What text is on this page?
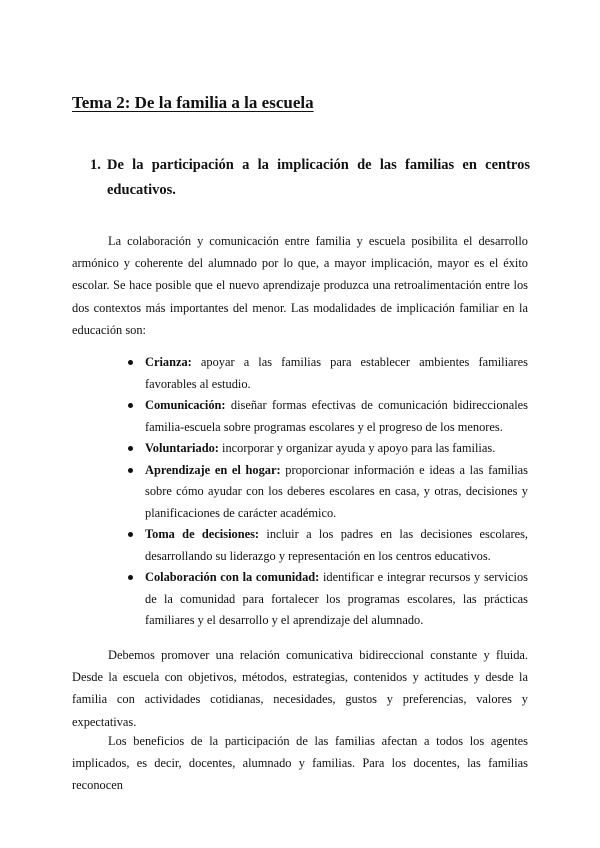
Tema 2: De la familia a la escuela
1. De la participación a la implicación de las familias en centros educativos.

La colaboración y comunicación entre familia y escuela posibilita el desarrollo armónico y coherente del alumnado por lo que, a mayor implicación, mayor es el éxito escolar. Se hace posible que el nuevo aprendizaje produzca una retroalimentación entre los dos contextos más importantes del menor. Las modalidades de implicación familiar en la educación son:

Crianza: apoyar a las familias para establecer ambientes familiares favorables al estudio.
Comunicación: diseñar formas efectivas de comunicación bidireccionales familia-escuela sobre programas escolares y el progreso de los menores.
Voluntariado: incorporar y organizar ayuda y apoyo para las familias.
Aprendizaje en el hogar: proporcionar información e ideas a las familias sobre cómo ayudar con los deberes escolares en casa, y otras, decisiones y planificaciones de carácter académico.
Toma de decisiones: incluir a los padres en las decisiones escolares, desarrollando su liderazgo y representación en los centros educativos.
Colaboración con la comunidad: identificar e integrar recursos y servicios de la comunidad para fortalecer los programas escolares, las prácticas familiares y el desarrollo y el aprendizaje del alumnado.

Debemos promover una relación comunicativa bidireccional constante y fluida. Desde la escuela con objetivos, métodos, estrategias, contenidos y actitudes y desde la familia con actividades cotidianas, necesidades, gustos y preferencias, valores y expectativas.

Los beneficios de la participación de las familias afectan a todos los agentes implicados, es decir, docentes, alumnado y familias. Para los docentes, las familias reconocen
